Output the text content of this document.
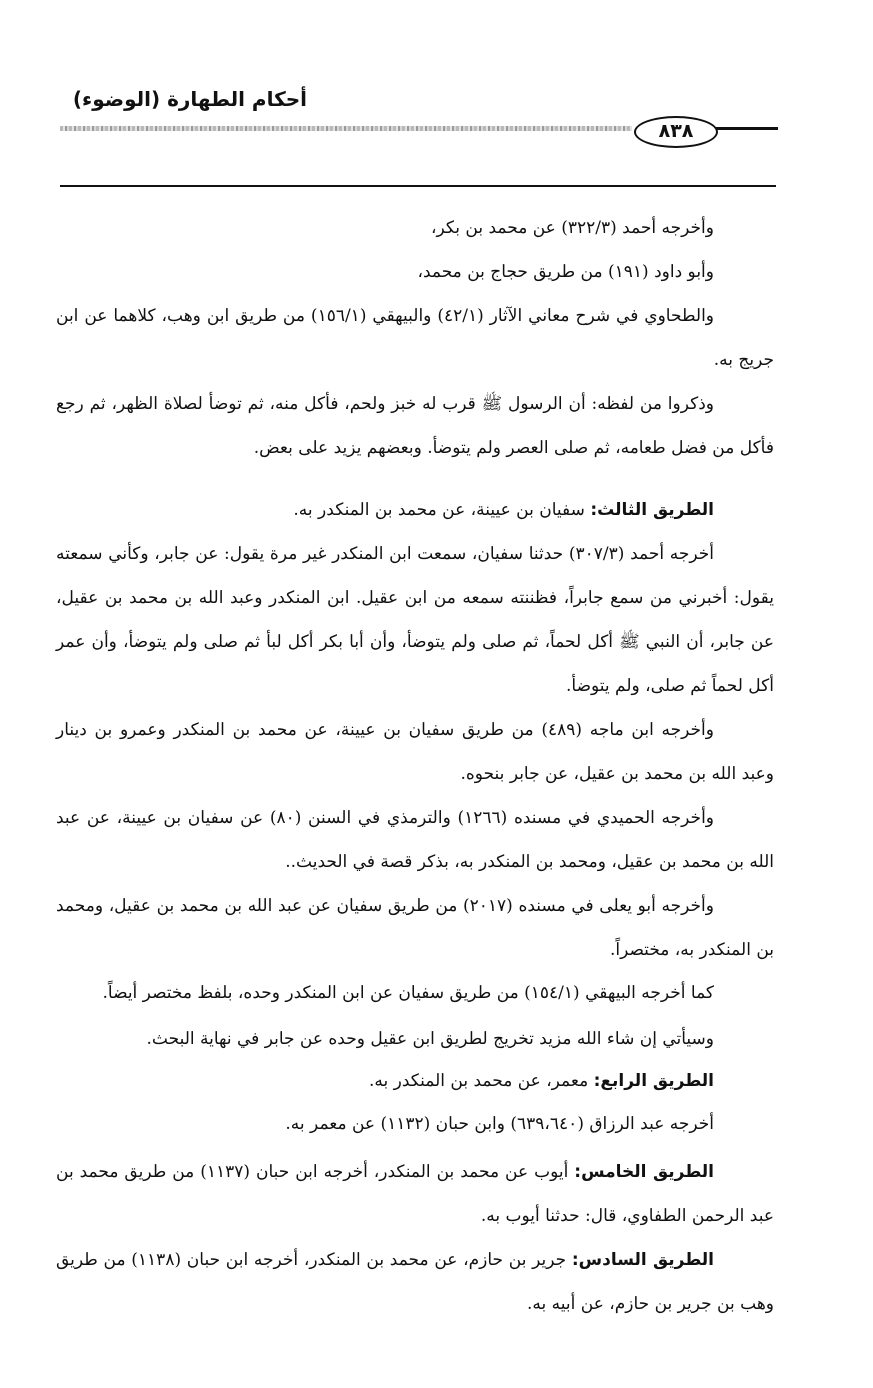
أحكام الطهارة (الوضوء)
٨٣٨

وأخرجه أحمد (٣٢٢/٣) عن محمد بن بكر،

وأبو داود (١٩١) من طريق حجاج بن محمد،

والطحاوي في شرح معاني الآثار (٤٢/١) والبيهقي (١٥٦/١) من طريق ابن وهب، كلاهما عن ابن جريج به.

وذكروا من لفظه: أن الرسول ﷺ قرب له خبز ولحم، فأكل منه، ثم توضأ لصلاة الظهر، ثم رجع فأكل من فضل طعامه، ثم صلى العصر ولم يتوضأ. وبعضهم يزيد على بعض.

الطريق الثالث: سفيان بن عيينة، عن محمد بن المنكدر به.

أخرجه أحمد (٣٠٧/٣) حدثنا سفيان، سمعت ابن المنكدر غير مرة يقول: عن جابر، وكأني سمعته يقول: أخبرني من سمع جابراً، فظننته سمعه من ابن عقيل. ابن المنكدر وعبد الله بن محمد بن عقيل، عن جابر، أن النبي ﷺ أكل لحماً، ثم صلى ولم يتوضأ، وأن أبا بكر أكل لبأ ثم صلى ولم يتوضأ، وأن عمر أكل لحماً ثم صلى، ولم يتوضأ.

وأخرجه ابن ماجه (٤٨٩) من طريق سفيان بن عيينة، عن محمد بن المنكدر وعمرو بن دينار وعبد الله بن محمد بن عقيل، عن جابر بنحوه.

وأخرجه الحميدي في مسنده (١٢٦٦) والترمذي في السنن (٨٠) عن سفيان بن عيينة، عن عبد الله بن محمد بن عقيل، ومحمد بن المنكدر به، بذكر قصة في الحديث..

وأخرجه أبو يعلى في مسنده (٢٠١٧) من طريق سفيان عن عبد الله بن محمد بن عقيل، ومحمد بن المنكدر به، مختصراً.

كما أخرجه البيهقي (١٥٤/١) من طريق سفيان عن ابن المنكدر وحده، بلفظ مختصر أيضاً.

وسيأتي إن شاء الله مزيد تخريج لطريق ابن عقيل وحده عن جابر في نهاية البحث.

الطريق الرابع: معمر، عن محمد بن المنكدر به.

أخرجه عبد الرزاق (٦٣٩،٦٤٠) وابن حبان (١١٣٢) عن معمر به.

الطريق الخامس: أيوب عن محمد بن المنكدر، أخرجه ابن حبان (١١٣٧) من طريق محمد بن عبد الرحمن الطفاوي، قال: حدثنا أيوب به.

الطريق السادس: جرير بن حازم، عن محمد بن المنكدر، أخرجه ابن حبان (١١٣٨) من طريق وهب بن جرير بن حازم، عن أبيه به.
